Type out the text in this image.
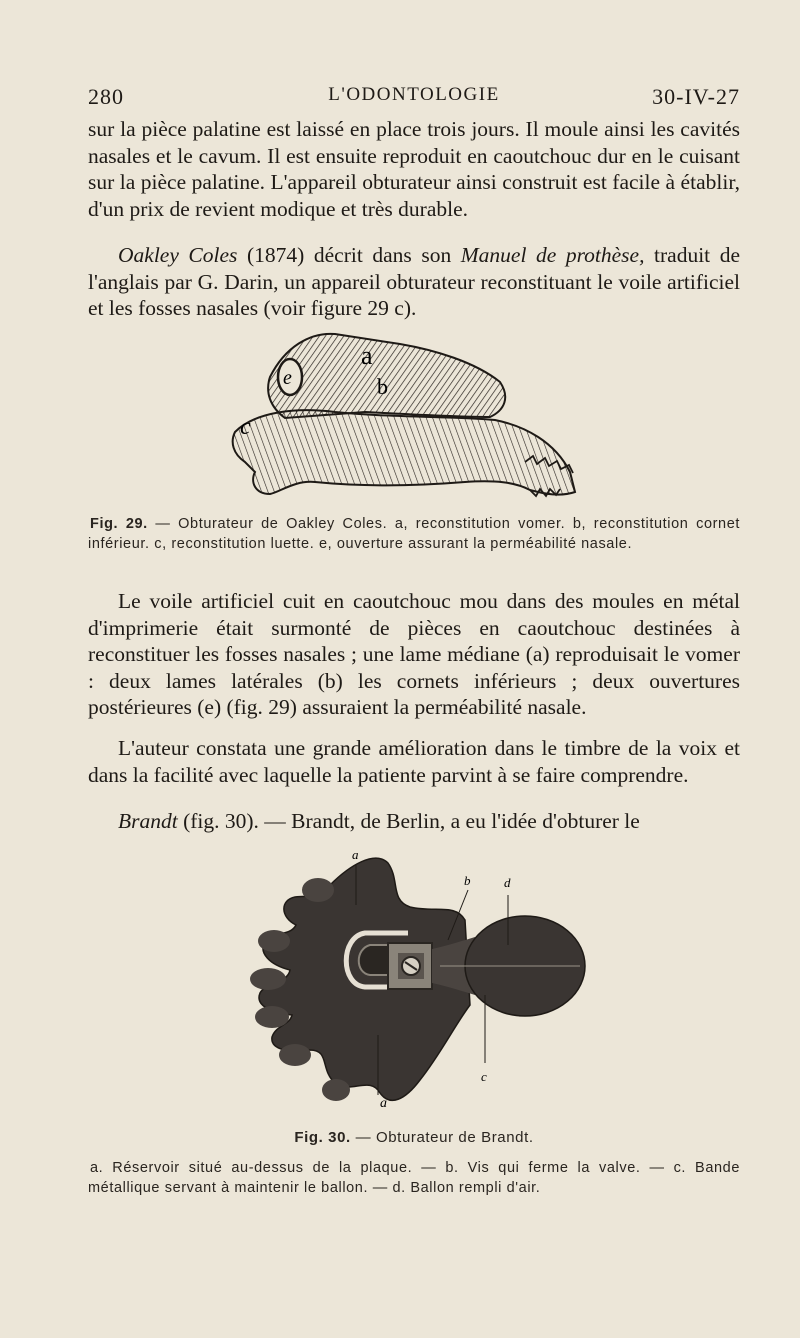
280	L'ODONTOLOGIE	30-IV-27

sur la pièce palatine est laissé en place trois jours. Il moule ainsi les cavités nasales et le cavum. Il est ensuite reproduit en caoutchouc dur en le cuisant sur la pièce palatine. L'appareil obturateur ainsi construit est facile à établir, d'un prix de revient modique et très durable.

Oakley Coles (1874) décrit dans son Manuel de prothèse, traduit de l'anglais par G. Darin, un appareil obturateur reconstituant le voile artificiel et les fosses nasales (voir figure 29 c).

e
a
b
c

Fig. 29. — Obturateur de Oakley Coles. a, reconstitution vomer. b, reconstitution cornet inférieur. c, reconstitution luette. e, ouverture assurant la perméabilité nasale.

Le voile artificiel cuit en caoutchouc mou dans des moules en métal d'imprimerie était surmonté de pièces en caoutchouc destinées à reconstituer les fosses nasales ; une lame médiane (a) reproduisait le vomer : deux lames latérales (b) les cornets inférieurs ; deux ouvertures postérieures (e) (fig. 29) assuraient la perméabilité nasale.

L'auteur constata une grande amélioration dans le timbre de la voix et dans la facilité avec laquelle la patiente parvint à se faire comprendre.

Brandt (fig. 30). — Brandt, de Berlin, a eu l'idée d'obturer le

a
b	d
c
a

Fig. 30. — Obturateur de Brandt.

a. Réservoir situé au-dessus de la plaque. — b. Vis qui ferme la valve. — c. Bande métallique servant à maintenir le ballon. — d. Ballon rempli d'air.
